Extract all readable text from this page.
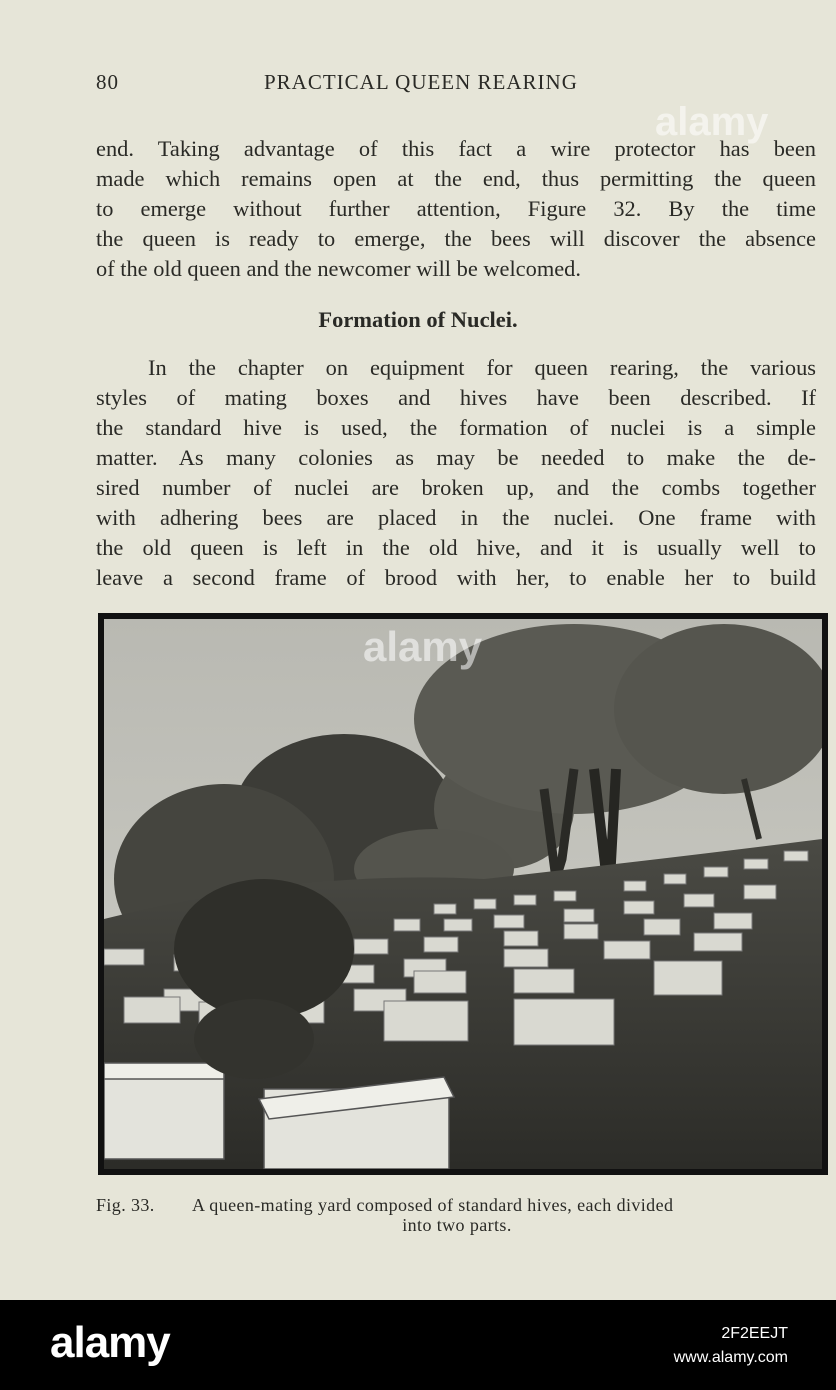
80	PRACTICAL QUEEN REARING
alamy
end. Taking advantage of this fact a wire protector has been
made which remains open at the end, thus permitting the queen
to emerge without further attention, Figure 32. By the time
the queen is ready to emerge, the bees will discover the absence
of the old queen and the newcomer will be welcomed.
Formation of Nuclei.
In the chapter on equipment for queen rearing, the various
styles of mating boxes and hives have been described. If
the standard hive is used, the formation of nuclei is a simple
matter. As many colonies as may be needed to make the de-
sired number of nuclei are broken up, and the combs together
with adhering bees are placed in the nuclei. One frame with
the old queen is left in the old hive, and it is usually well to
leave a second frame of brood with her, to enable her to build
alamy
Fig. 33. A queen-mating yard composed of standard hives, each divided
into two parts.
alamy	2F2EEJT
www.alamy.com
